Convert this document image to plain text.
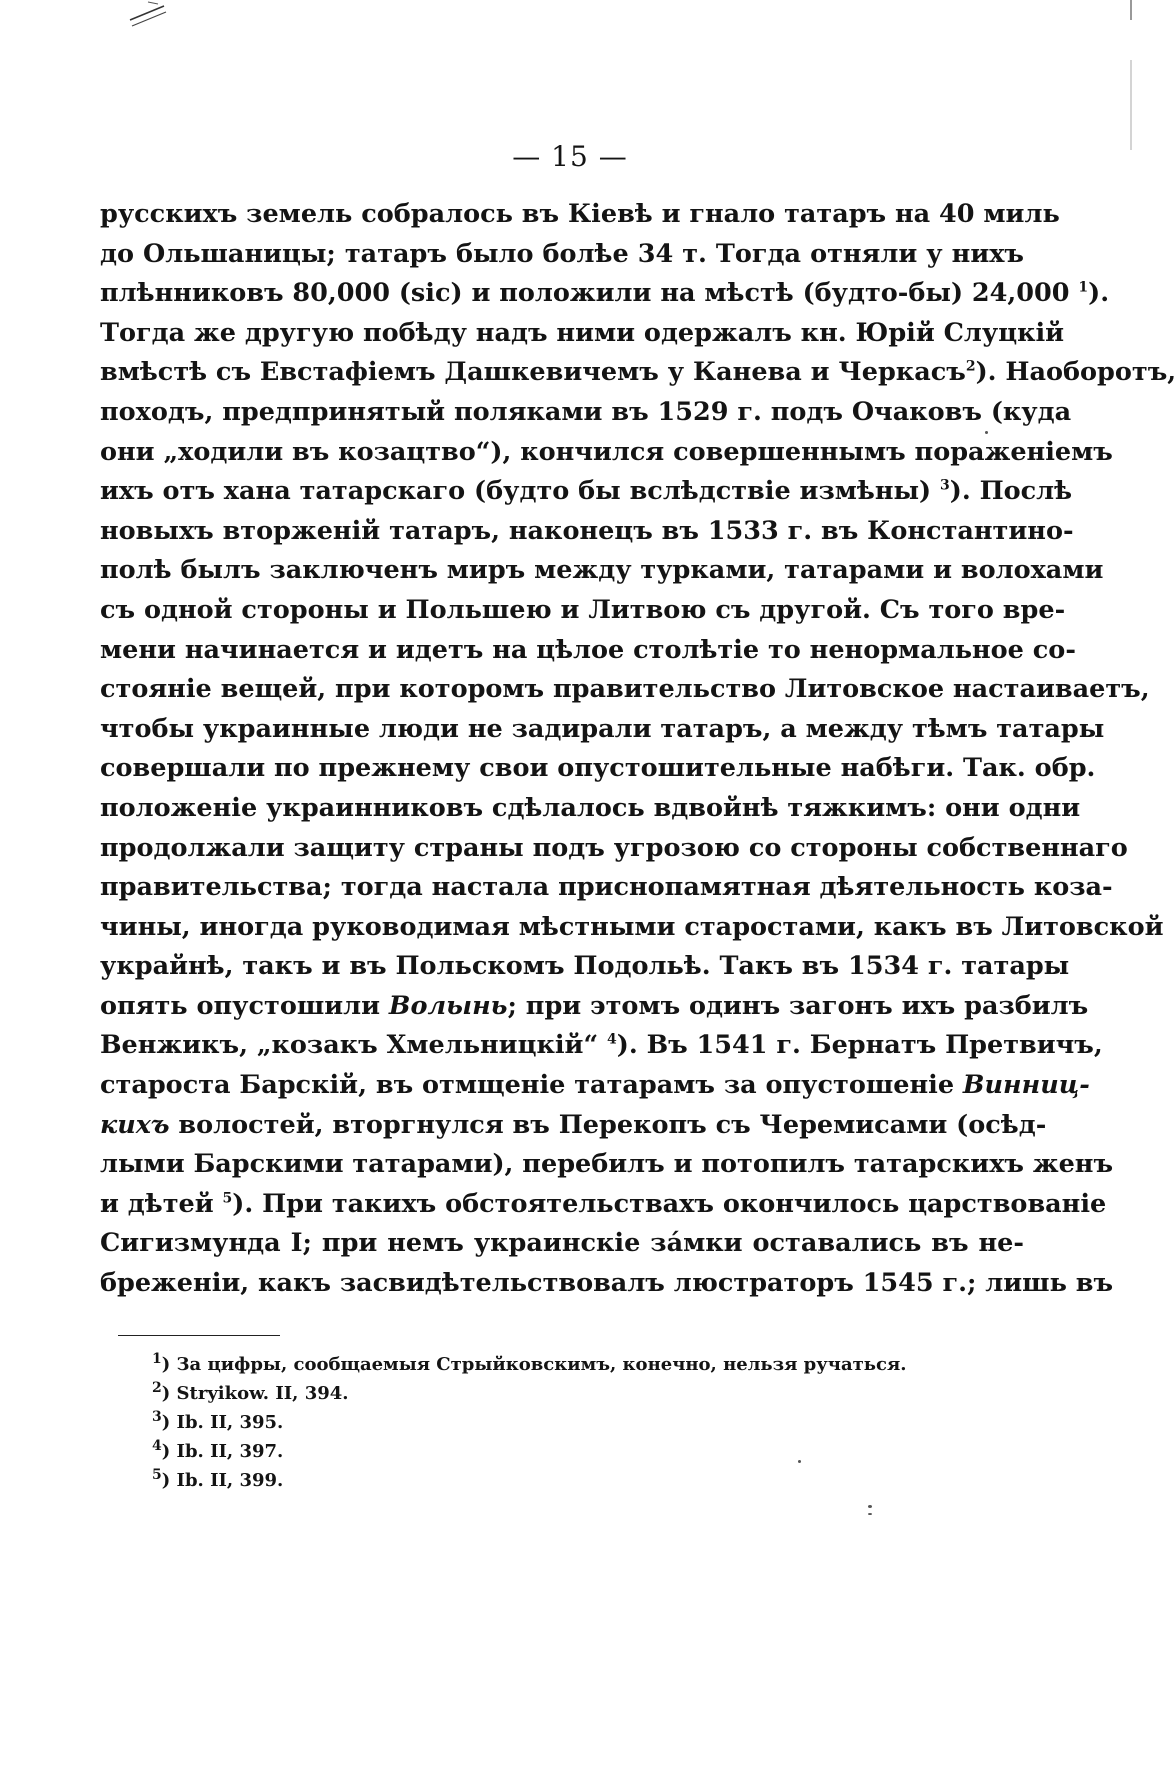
— 15 —
русскихъ земель собралось въ Кіевѣ и гнало татаръ на 40 миль
до Ольшаницы; татаръ было болѣе 34 т. Тогда отняли у нихъ
плѣнниковъ 80,000 (sic) и положили на мѣстѣ (будто-бы) 24,000 $^1$).
Тогда же другую побѣду надъ ними одержалъ кн. Юрій Слуцкій
вмѣстѣ съ Евстафіемъ Дашкевичемъ у Канева и Черкасъ$^2$). Наоборотъ,
походъ, предпринятый поляками въ 1529 г. подъ Очаковъ (куда
они „ходили въ козацтво“), кончился совершеннымъ пораженіемъ
ихъ отъ хана татарскаго (будто бы вслѣдствіе измѣны) $^3$). Послѣ
новыхъ вторженій татаръ, наконецъ въ 1533 г. въ Константино-
полѣ былъ заключенъ миръ между турками, татарами и волохами
съ одной стороны и Польшею и Литвою съ другой. Съ того вре-
мени начинается и идетъ на цѣлое столѣтіе то ненормальное со-
стояніе вещей, при которомъ правительство Литовское настаиваетъ,
чтобы украинные люди не задирали татаръ, а между тѣмъ татары
совершали по прежнему свои опустошительные набѣги. Так. обр.
положеніе украинниковъ сдѣлалось вдвойнѣ тяжкимъ: они одни
продолжали защиту страны подъ угрозою со стороны собственнаго
правительства; тогда настала приснопамятная дѣятельность коза-
чины, иногда руководимая мѣстными старостами, какъ въ Литовской
украйнѣ, такъ и въ Польскомъ Подольѣ. Такъ въ 1534 г. татары
опять опустошили Волынь; при этомъ одинъ загонъ ихъ разбилъ
Венжикъ, „козакъ Хмельницкій“ $^4$). Въ 1541 г. Бернатъ Претвичъ,
староста Барскій, въ отмщеніе татарамъ за опустошеніе Винниц-
кихъ волостей, вторгнулся въ Перекопъ съ Черемисами (осѣд-
лыми Барскими татарами), перебилъ и потопилъ татарскихъ женъ
и дѣтей $^5$). При такихъ обстоятельствахъ окончилось царствованіе
Сигизмунда I; при немъ украинскіе зáмки оставались въ не-
бреженіи, какъ засвидѣтельствовалъ люстраторъ 1545 г.; лишь въ
$^1$) За цифры, сообщаемыя Стрыйковскимъ, конечно, нельзя ручаться.
$^2$) Stryikow. II, 394.
$^3$) Ib. II, 395.
$^4$) Ib. II, 397.
$^5$) Ib. II, 399.
